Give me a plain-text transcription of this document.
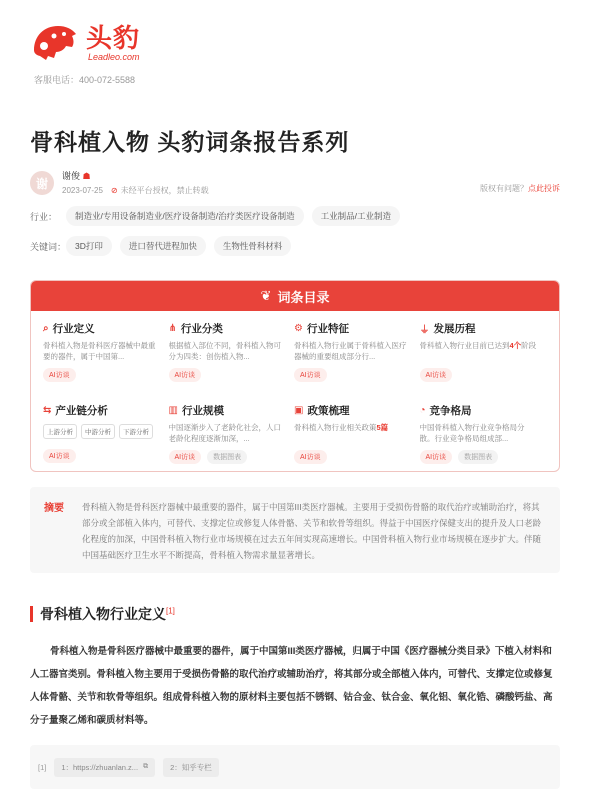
头豹
Leadleo.com
客服电话：400-072-5588
骨科植入物 头豹词条报告系列
谢
谢俊 ☗
2023-07-25 ⊘ 未经平台授权，禁止转载	版权有问题？点此投诉
行业：	制造业/专用设备制造业/医疗设备制造/治疗类医疗设备制造	工业制品/工业制造
关键词：	3D打印	进口替代进程加快	生物性骨科材料
❦ 词条目录
⌕ 行业定义
骨科植入物是骨科医疗器械中最重要的器件，属于中国第...
AI访谈
⋔ 行业分类
根据植入部位不同，骨科植入物可分为四类：创伤植入物...
AI访谈
⚙ 行业特征
骨科植入物行业属于骨科植入医疗器械的重要组成部分行...
AI访谈
⏚ 发展历程
骨科植入物行业目前已达到4个阶段
AI访谈
⇆ 产业链分析
上游分析	中游分析	下游分析
AI访谈
▥ 行业规模
中国逐渐步入了老龄化社会，人口老龄化程度逐渐加深，...
AI访谈	数据图表
▣ 政策梳理
骨科植入物行业相关政策5篇
AI访谈
◔ 竞争格局
中国骨科植入物行业竞争格局分散。行业竞争格局组成部...
AI访谈	数据图表
摘要	骨科植入物是骨科医疗器械中最重要的器件，属于中国第III类医疗器械。主要用于受损伤骨骼的取代治疗或辅助治疗，将其部分或全部植入体内，可替代、支撑定位或修复人体骨骼、关节和软骨等组织。得益于中国医疗保健支出的提升及人口老龄化程度的加深，中国骨科植入物行业市场规模在过去五年间实现高速增长。中国骨科植入物行业市场规模在逐步扩大。伴随中国基础医疗卫生水平不断提高，骨科植入物需求量显著增长。
骨科植入物行业定义[1]

骨科植入物是骨科医疗器械中最重要的器件，属于中国第III类医疗器械，归属于中国《医疗器械分类目录》下植入材料和人工器官类别。骨科植入物主要用于受损伤骨骼的取代治疗或辅助治疗，将其部分或全部植入体内，可替代、支撑定位或修复人体骨骼、关节和软骨等组织。组成骨科植入物的原材料主要包括不锈钢、钴合金、钛合金、氧化铝、氧化锆、磷酸钙盐、高分子量聚乙烯和碳质材料等。

[1] 1：https://zhuanlan.z... ⧉	2：知乎专栏
